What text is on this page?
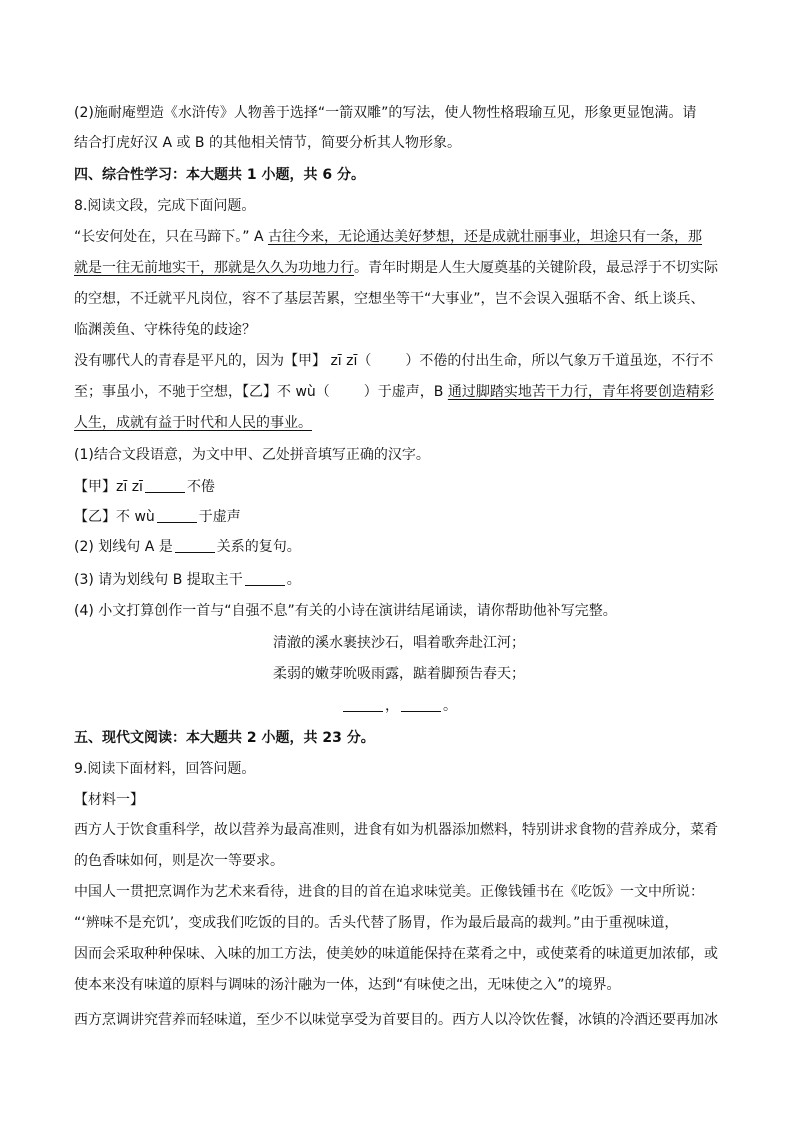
(2)施耐庵塑造《水浒传》人物善于选择“一箭双雕”的写法，使人物性格瑕瑜互见，形象更显饱满。请
结合打虎好汉 A 或 B 的其他相关情节，简要分析其人物形象。
四、综合性学习：本大题共 1 小题，共 6 分。
8.阅读文段，完成下面问题。
“长安何处在，只在马蹄下。” A 古往今来，无论通达美好梦想，还是成就壮丽事业，坦途只有一条，那
就是一往无前地实干，那就是久久为功地力行。青年时期是人生大厦奠基的关键阶段，最忌浮于不切实际
的空想，不迁就平凡岗位，容不了基层苦累，空想坐等干“大事业”，岂不会误入强聒不舍、纸上谈兵、
临渊羡鱼、守株待兔的歧途？
没有哪代人的青春是平凡的，因为【甲】 zī zī（ ）不倦的付出生命，所以气象万千道虽迩，不行不
至；事虽小，不驰于空想，【乙】不 wù（ ）于虚声，B 通过脚踏实地苦干力行，青年将要创造精彩
人生，成就有益于时代和人民的事业。
(1)结合文段语意，为文中甲、乙处拼音填写正确的汉字。
【甲】zī zī	不倦
【乙】不 wù	于虚声
(2) 划线句 A 是	关系的复句。
(3) 请为划线句 B 提取主干	。
(4) 小文打算创作一首与“自强不息”有关的小诗在演讲结尾诵读，请你帮助他补写完整。
清澈的溪水裹挟沙石，唱着歌奔赴江河；
柔弱的嫩芽吮吸雨露，踮着脚预告春天；
，	。
五、现代文阅读：本大题共 2 小题，共 23 分。
9.阅读下面材料，回答问题。
【材料一】
西方人于饮食重科学，故以营养为最高准则，进食有如为机器添加燃料，特别讲求食物的营养成分，菜肴
的色香味如何，则是次一等要求。
中国人一贯把烹调作为艺术来看待，进食的目的首在追求味觉美。正像钱锺书在《吃饭》一文中所说：
“‘辨味不是充饥’，变成我们吃饭的目的。舌头代替了肠胃，作为最后最高的裁判。”由于重视味道，
因而会采取种种保味、入味的加工方法，使美妙的味道能保持在菜肴之中，或使菜肴的味道更加浓郁，或
使本来没有味道的原料与调味的汤汁融为一体，达到“有味使之出，无味使之入”的境界。
西方烹调讲究营养而轻味道，至少不以味觉享受为首要目的。西方人以冷饮佐餐，冰镇的冷酒还要再加冰
